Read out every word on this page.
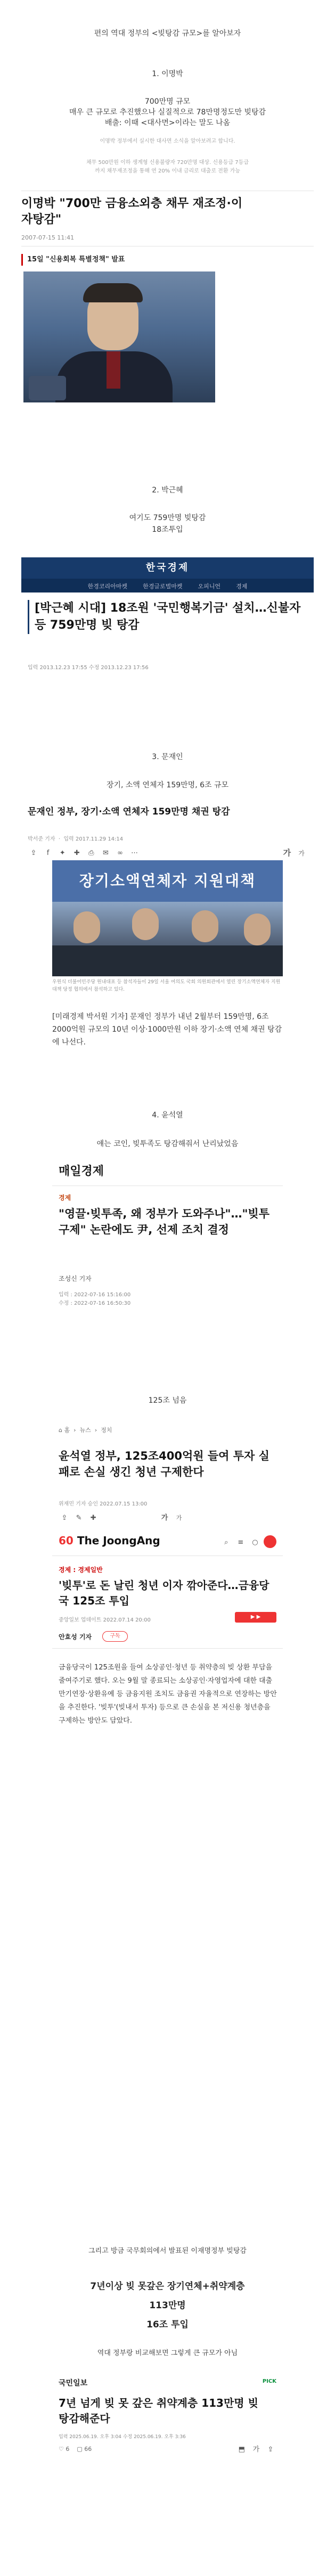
편의 역대 정부의 <빚탕감 규모>를 알아보자
1. 이명박
700만명 규모
매우 큰 규모로 추진했으나 실질적으로 78만명정도만 빚탕감
배출: 이때 <대사면>이라는 말도 나옴
이명박 정부에서 실시한 대사면 소식을 알아보려고 합니다.
채무 500만원 이하 생계형 신용불량자 720만명 대상. 신용등급 7등급
까지 채무재조정을 통해 연 20% 이내 금리로 대출로 전환 가능
이명박 "700만 금융소외층 채무 재조정·이자탕감"
2007-07-15 11:41
15일 "신용회복 특별정책" 발표
2. 박근혜
여기도 759만명 빚탕감
18조투입
한국경제
한경코리아마켓	한경글로벌마켓	오피니언	경제
[박근혜 시대] 18조원 '국민행복기금' 설치…신불자 등 759만명 빚 탕감
입력 2013.12.23 17:55 수정 2013.12.23 17:56
3. 문재인
장기, 소액 연체자 159만명, 6조 규모
문재인 정부, 장기·소액 연체자 159만명 채권 탕감
박서준 기자  ·  입력 2017.11.29 14:14
⇪ f ✦ ✚ ⎙ ✉ ∞ ⋯	가 가
장기소액연체자 지원대책
우원식 더불어민주당 원내대표 등 참석자들이 29일 서울 여의도 국회 의원회관에서 열린 장기소액연체자 지원대책 당정 협의에서 참석하고 있다.
[미래경제 박서원 기자] 문재인 정부가 내년 2월부터 159만명, 6조2000억원 규모의 10년 이상·1000만원 이하 장기·소액 연체 채권 탕감에 나선다.
4. 윤석열
얘는 코인, 빚투족도 탕감해줘서 난리났었음
매일경제
경제
"영끌·빚투족, 왜 정부가 도와주나"…"빚투 구제" 논란에도 尹, 선제 조치 결정
조성신 기자
입력 : 2022-07-16 15:16:00
수정 : 2022-07-16 16:50:30
125조 넘음
⌂ 홈  ›  뉴스  ›  정치
윤석열 정부, 125조400억원 들여 투자 실패로 손실 생긴 청년 구제한다
위재민 기자 승인 2022.07.15 13:00
⇪ ✎ ✚	가 가
60 The JoongAng	⌕ ≡ ○
경제 : 경제일반
'빚투'로 돈 날린 청년 이자 깎아준다…금융당국 125조 투입
중앙일보 업데이트 2022.07.14 20:00
▶ ▶
안효성 기자	구독
금융당국이 125조원을 들여 소상공인·청년 등 취약층의 빚 상환 부담을 줄여주기로 했다. 오는 9월 말 종료되는 소상공인·자영업자에 대한 대출 만기연장·상환유예 등 금융지원 조치도 금융권 자율적으로 연장하는 방안을 추진한다. '빚투'(빚내서 투자) 등으로 큰 손실을 본 저신용 청년층을 구제하는 방안도 담았다.
그리고 방금 국무회의에서 발표된 이재명정부 빚탕감
7년이상 빚 못갚은 장기연체+취약계층
113만명
16조 투입
역대 정부랑 비교해보면 그렇게 큰 규모가 아님
국민일보	PICK
7년 넘게 빚 못 갚은 취약계층 113만명 빚 탕감해준다
입력 2025.06.19. 오후 3:04 수정 2025.06.19. 오후 3:36
♡ 6 ▢ 66	⬒ 가 ⇪
